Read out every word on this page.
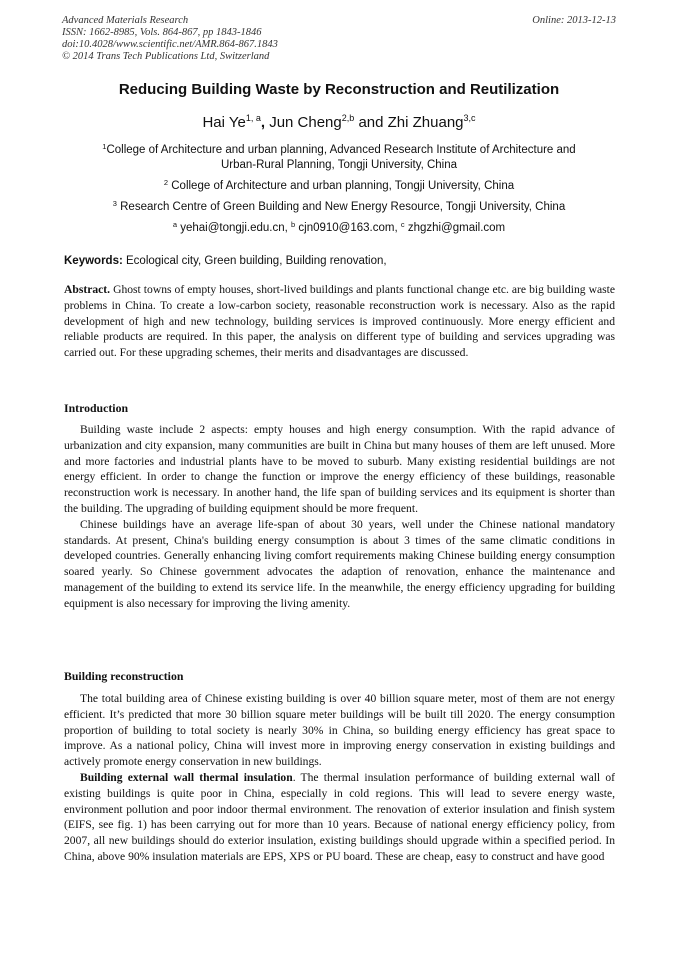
Advanced Materials Research
ISSN: 1662-8985, Vols. 864-867, pp 1843-1846
doi:10.4028/www.scientific.net/AMR.864-867.1843
© 2014 Trans Tech Publications Ltd, Switzerland
Online: 2013-12-13
Reducing Building Waste by Reconstruction and Reutilization
Hai Ye$^{1, a}$, Jun Cheng$^{2,b}$ and Zhi Zhuang$^{3,c}$
$^1$College of Architecture and urban planning, Advanced Research Institute of Architecture and
Urban-Rural Planning, Tongji University, China
$^2$ College of Architecture and urban planning, Tongji University, China
$^3$ Research Centre of Green Building and New Energy Resource, Tongji University, China
$^a$ yehai@tongji.edu.cn, $^b$ cjn0910@163.com, $^c$ zhgzhi@gmail.com
Keywords: Ecological city, Green building, Building renovation,

Abstract. Ghost towns of empty houses, short-lived buildings and plants functional change etc. are big building waste problems in China. To create a low-carbon society, reasonable reconstruction work is necessary. Also as the rapid development of high and new technology, building services is improved continuously. More energy efficient and reliable products are required. In this paper, the analysis on different type of building and services upgrading was carried out. For these upgrading schemes, their merits and disadvantages are discussed.

Introduction

Building waste include 2 aspects: empty houses and high energy consumption. With the rapid advance of urbanization and city expansion, many communities are built in China but many houses of them are left unused. More and more factories and industrial plants have to be moved to suburb. Many existing residential buildings are not energy efficient. In order to change the function or improve the energy efficiency of these buildings, reasonable reconstruction work is necessary. In another hand, the life span of building services and its equipment is shorter than the building. The upgrading of building equipment should be more frequent.

Chinese buildings have an average life-span of about 30 years, well under the Chinese national mandatory standards. At present, China's building energy consumption is about 3 times of the same climatic conditions in developed countries. Generally enhancing living comfort requirements making Chinese building energy consumption soared yearly. So Chinese government advocates the adaption of renovation, enhance the maintenance and management of the building to extend its service life. In the meanwhile, the energy efficiency upgrading for building equipment is also necessary for improving the living amenity.

Building reconstruction

The total building area of Chinese existing building is over 40 billion square meter, most of them are not energy efficient. It’s predicted that more 30 billion square meter buildings will be built till 2020. The energy consumption proportion of building to total society is nearly 30% in China, so building energy efficiency has great space to improve. As a national policy, China will invest more in improving energy conservation in existing buildings and actively promote energy conservation in new buildings.

Building external wall thermal insulation. The thermal insulation performance of building external wall of existing buildings is quite poor in China, especially in cold regions. This will lead to severe energy waste, environment pollution and poor indoor thermal environment. The renovation of exterior insulation and finish system (EIFS, see fig. 1) has been carrying out for more than 10 years. Because of national energy efficiency policy, from 2007, all new buildings should do exterior insulation, existing buildings should upgrade within a specified period. In China, above 90% insulation materials are EPS, XPS or PU board. These are cheap, easy to construct and have good
